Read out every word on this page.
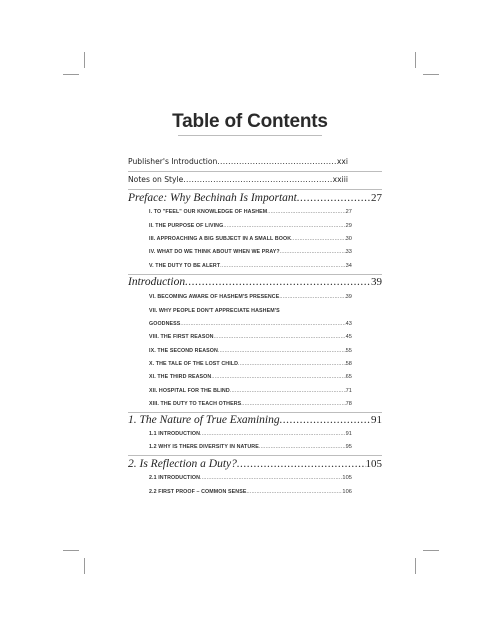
Table of Contents
Publisher's Introduction .....	xxi
Notes on Style .....	xxiii
Preface: Why Bechinah Is Important .....	27
I. TO "FEEL" OUR KNOWLEDGE OF HASHEM .....	27
II. THE PURPOSE OF LIVING .....	29
III. APPROACHING A BIG SUBJECT IN A SMALL BOOK .....	30
IV. WHAT DO WE THINK ABOUT WHEN WE PRAY? .....	33
V. THE DUTY TO BE ALERT .....	34
Introduction .....	39
VI. BECOMING AWARE OF HASHEM'S PRESENCE .....	39
VII. WHY PEOPLE DON'T APPRECIATE HASHEM'S
GOODNESS .....	43
VIII. THE FIRST REASON .....	45
IX. THE SECOND REASON .....	55
X. THE TALE OF THE LOST CHILD .....	58
XI. THE THIRD REASON .....	65
XII. HOSPITAL FOR THE BLIND .....	71
XIII. THE DUTY TO TEACH OTHERS .....	78
1. The Nature of True Examining .....	91
1.1 INTRODUCTION .....	91
1.2 WHY IS THERE DIVERSITY IN NATURE .....	95
2. Is Reflection a Duty? .....	105
2.1 INTRODUCTION .....	105
2.2 FIRST PROOF – COMMON SENSE .....	106
